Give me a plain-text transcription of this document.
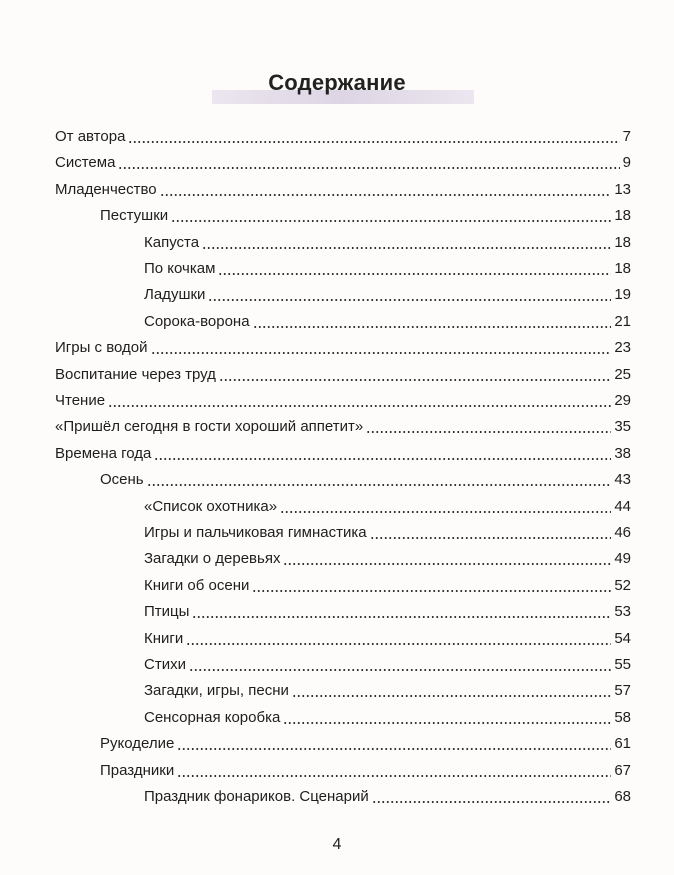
Содержание
От автора	7
Система	9
Младенчество	13
Пестушки	18
Капуста	18
По кочкам	18
Ладушки	19
Сорока-ворона	21
Игры с водой	23
Воспитание через труд	25
Чтение	29
«Пришёл сегодня в гости хороший аппетит»	35
Времена года	38
Осень	43
«Список охотника»	44
Игры и пальчиковая гимнастика	46
Загадки о деревьях	49
Книги об осени	52
Птицы	53
Книги	54
Стихи	55
Загадки, игры, песни	57
Сенсорная коробка	58
Рукоделие	61
Праздники	67
Праздник фонариков. Сценарий	68
4
